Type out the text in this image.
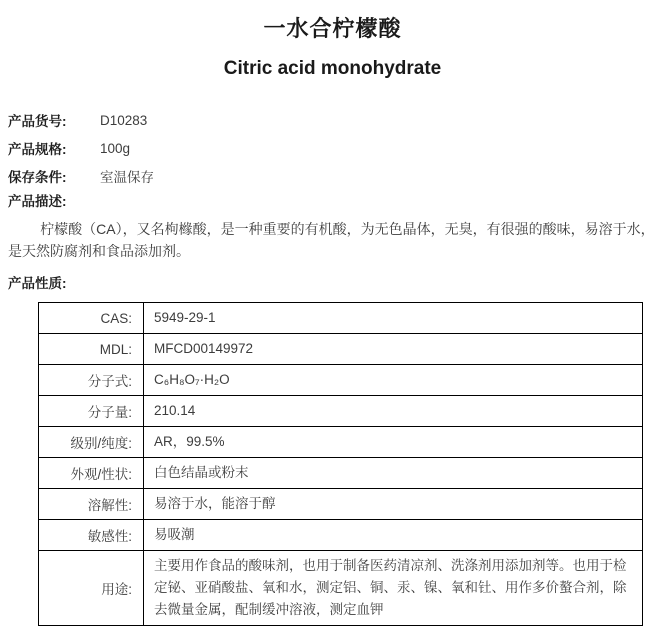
一水合柠檬酸
Citric acid monohydrate
产品货号:	D10283
产品规格:	100g
保存条件:	室温保存
产品描述:

柠檬酸（CA），又名枸橼酸，是一种重要的有机酸，为无色晶体，无臭，有很强的酸味，易溶于水，是天然防腐剂和食品添加剂。

产品性质:
CAS:	5949-29-1
MDL:	MFCD00149972
分子式:	C₆H₈O₇·H₂O
分子量:	210.14
级别/纯度:	AR，99.5%
外观/性状:	白色结晶或粉末
溶解性:	易溶于水，能溶于醇
敏感性:	易吸潮
用途:	主要用作食品的酸味剂，也用于制备医药清凉剂、洗涤剂用添加剂等。也用于检定铋、亚硝酸盐、氧和水，测定铝、铜、汞、镍、氧和钍、用作多价螯合剂，除去微量金属，配制缓冲溶液，测定血钾
